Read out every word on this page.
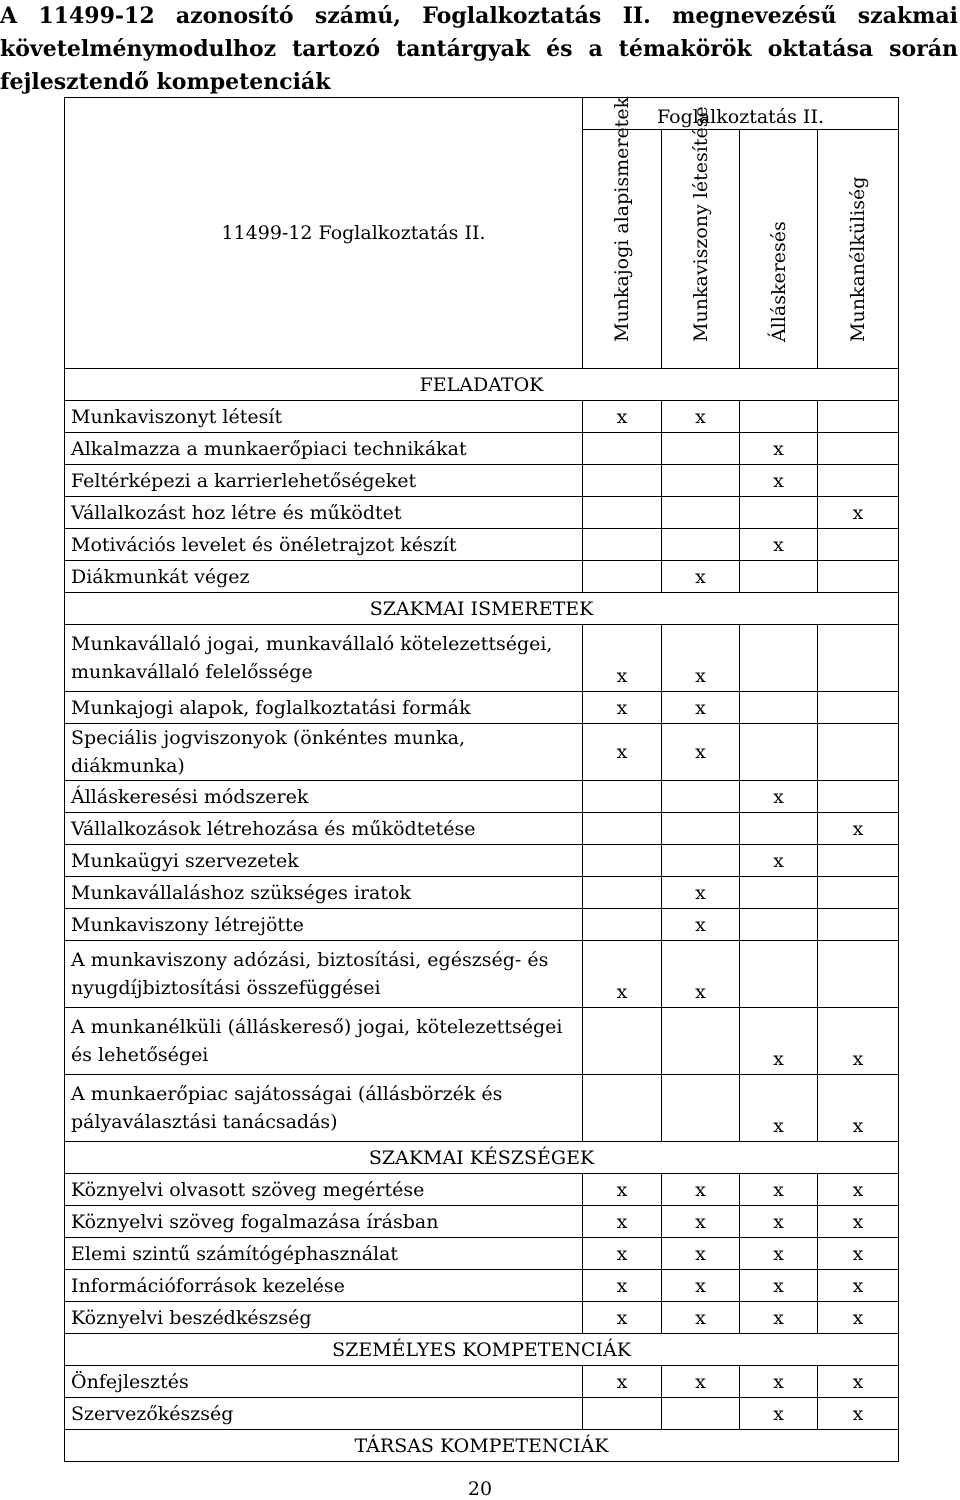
A 11499-12 azonosító számú, Foglalkoztatás II. megnevezésű szakmai
követelménymodulhoz tartozó tantárgyak és a témakörök oktatása során
fejlesztendő kompetenciák
11499-12 Foglalkoztatás II.	Foglalkoztatás II.			

	Munkajogi alapismeretek	Munkaviszony létesítése	Álláskeresés	Munkanélküliség

FELADATOK				
Munkaviszonyt létesít	x	x		
Alkalmazza a munkaerőpiaci technikákat			x	
Feltérképezi a karrierlehetőségeket			x	
Vállalkozást hoz létre és működtet				x
Motivációs levelet és önéletrajzot készít			x	
Diákmunkát végez		x		
SZAKMAI ISMERETEK				
Munkavállaló jogai, munkavállaló kötelezettségei, munkavállaló felelőssége	x	x		
Munkajogi alapok, foglalkoztatási formák	x	x		
Speciális jogviszonyok (önkéntes munka, diákmunka)	x	x		
Álláskeresési módszerek			x	
Vállalkozások létrehozása és működtetése				x
Munkaügyi szervezetek			x	
Munkavállaláshoz szükséges iratok		x		
Munkaviszony létrejötte		x		
A munkaviszony adózási, biztosítási, egészség- és nyugdíjbiztosítási összefüggései	x	x		
A munkanélküli (álláskereső) jogai, kötelezettségei és lehetőségei			x	x
A munkaerőpiac sajátosságai (állásbörzék és pályaválasztási tanácsadás)			x	x
SZAKMAI KÉSZSÉGEK				
Köznyelvi olvasott szöveg megértése	x	x	x	x
Köznyelvi szöveg fogalmazása írásban	x	x	x	x
Elemi szintű számítógéphasználat	x	x	x	x
Információforrások kezelése	x	x	x	x
Köznyelvi beszédkészség	x	x	x	x
SZEMÉLYES KOMPETENCIÁK				
Önfejlesztés	x	x	x	x
Szervezőkészség			x	x
TÁRSAS KOMPETENCIÁK				
20
